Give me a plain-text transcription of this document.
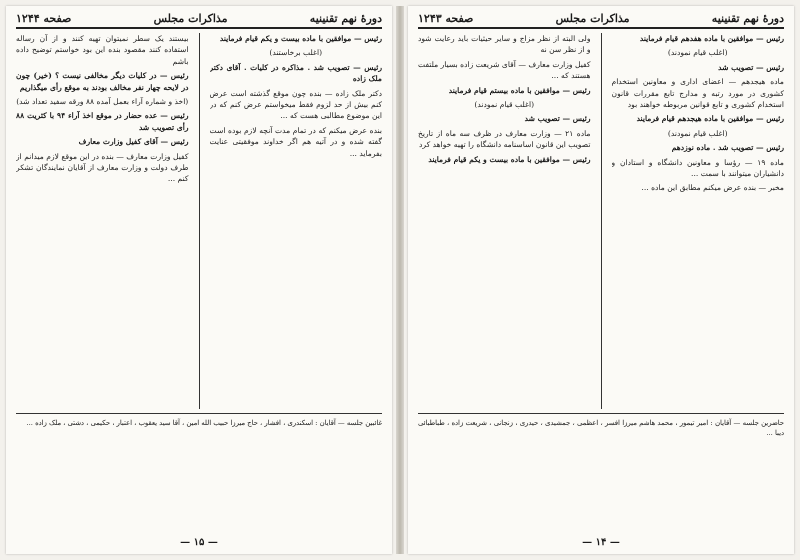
دورهٔ نهم تقنینیه
مذاکرات مجلس
صفحه ۱۲۴۴

رئیس — موافقین با ماده بیست و یکم قیام فرمایند

(اغلب برخاستند)

رئیس — تصویب شد . مذاکره در کلیات . آقای دکتر ملک زاده

دکتر ملک زاده — بنده چون موقع گذشته است عرض کنم بیش از حد لزوم فقط میخواستم عرض کنم که در این موضوع مطالبی هست که ...

بنده عرض میکنم که در تمام مدت آنچه لازم بوده است گفته شده و در آتیه هم اگر خداوند موفقیتی عنایت بفرماید ...

بیستند یک سطر نمیتوان تهیه کنند و از آن رساله استفاده کنند مقصود بنده این بود خواستم توضیح داده باشم

رئیس — در کلیات دیگر مخالفی نیست ؟ (خیر) چون در لایحه چهار نفر مخالف بودند به موقع رأی میگذاریم

(اخذ و شماره آراء بعمل آمده ۸۸ ورقه سفید تعداد شد)

رئیس — عده حضار در موقع اخذ آراء ۹۴ با کثریت ۸۸ رأی تصویب شد

رئیس — آقای کفیل وزارت معارف

کفیل وزارت معارف — بنده در این موقع لازم میدانم از طرف دولت و وزارت معارف از آقایان نمایندگان تشکر کنم ...

غائبین جلسه — آقایان : اسکندری ، افشار ، حاج میرزا حبیب الله امین ، آقا سید یعقوب ، اعتبار ، حکیمی ، دشتی ، ملک زاده ...
— ۱۵ —
دورهٔ نهم تقنینیه
مذاکرات مجلس
صفحه ۱۲۴۳

رئیس — موافقین با ماده هفدهم قیام فرمایند

(اغلب قیام نمودند)

رئیس — تصویب شد

ماده هیجدهم — اعضای اداری و معاونین استخدام کشوری در مورد رتبه و مدارج تابع مقررات قانون استخدام کشوری و تابع قوانین مربوطه خواهند بود

رئیس — موافقین با ماده هیجدهم قیام فرمایند

(اغلب قیام نمودند)

رئیس — تصویب شد . ماده نوزدهم

ماده ۱۹ — رؤسا و معاونین دانشگاه و استادان و دانشیاران میتوانند با سمت ...

مخبر — بنده عرض میکنم مطابق این ماده ...

ولی البته از نظر مزاج و سایر حیثیات باید رعایت شود و از نظر سن نه

کفیل وزارت معارف — آقای شریعت زاده بسیار ملتفت هستند که ...

رئیس — موافقین با ماده بیستم قیام فرمایند

(اغلب قیام نمودند)

رئیس — تصویب شد

ماده ۲۱ — وزارت معارف در ظرف سه ماه از تاریخ تصویب این قانون اساسنامه دانشگاه را تهیه خواهد کرد

رئیس — موافقین با ماده بیست و یکم قیام فرمایند

حاضرین جلسه — آقایان : امیر تیمور ، محمد هاشم میرزا افسر ، اعظمی ، جمشیدی ، حیدری ، زنجانی ، شریعت زاده ، طباطبائی دیبا ...
— ۱۴ —
